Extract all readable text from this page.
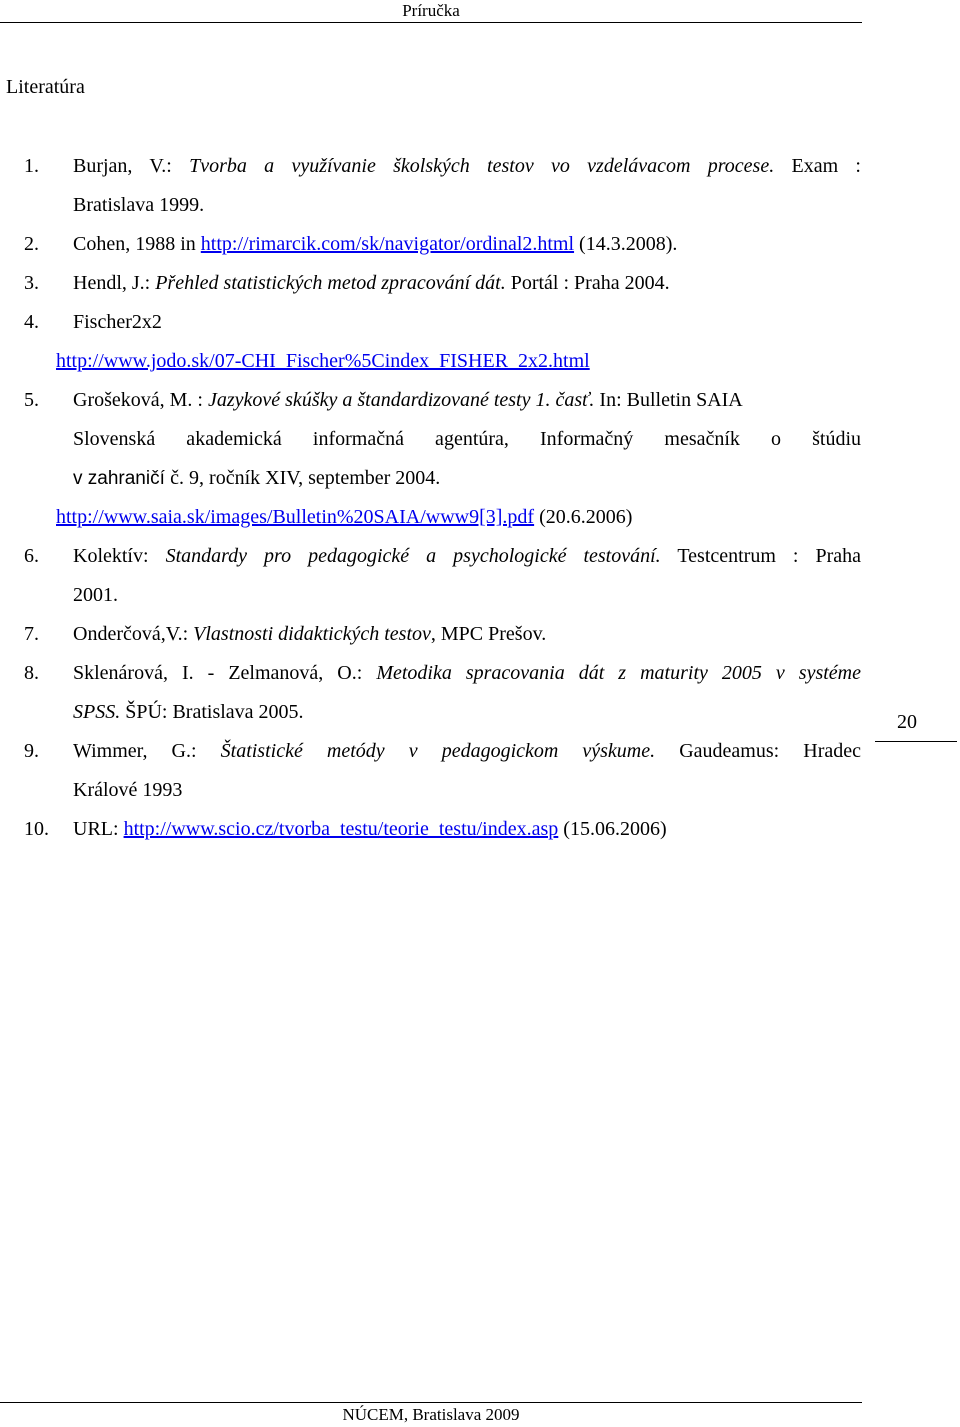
Príručka
Literatúra
1. Burjan, V.: Tvorba a využívanie školských testov vo vzdelávacom procese. Exam :
Bratislava 1999.
2. Cohen, 1988 in http://rimarcik.com/sk/navigator/ordinal2.html (14.3.2008).
3. Hendl, J.: Přehled statistických metod zpracování dát. Portál : Praha 2004.
4. Fischer2x2
http://www.jodo.sk/07-CHI_Fischer%5Cindex_FISHER_2x2.html
5. Grošeková, M. : Jazykové skúšky a štandardizované testy 1. časť. In: Bulletin SAIA
Slovenská akademická informačná agentúra, Informačný mesačník o štúdiu
v zahraničí č. 9, ročník XIV, september 2004.
http://www.saia.sk/images/Bulletin%20SAIA/www9[3].pdf (20.6.2006)
6. Kolektív: Standardy pro pedagogické a psychologické testování. Testcentrum : Praha
2001.
7. Onderčová,V.: Vlastnosti didaktických testov, MPC Prešov.
8. Sklenárová, I. - Zelmanová, O.: Metodika spracovania dát z maturity 2005 v systéme
SPSS. ŠPÚ: Bratislava 2005.
9. Wimmer, G.: Štatistické metódy v pedagogickom výskume. Gaudeamus: Hradec
Králové 1993
10. URL: http://www.scio.cz/tvorba_testu/teorie_testu/index.asp (15.06.2006)
20
NÚCEM, Bratislava 2009
